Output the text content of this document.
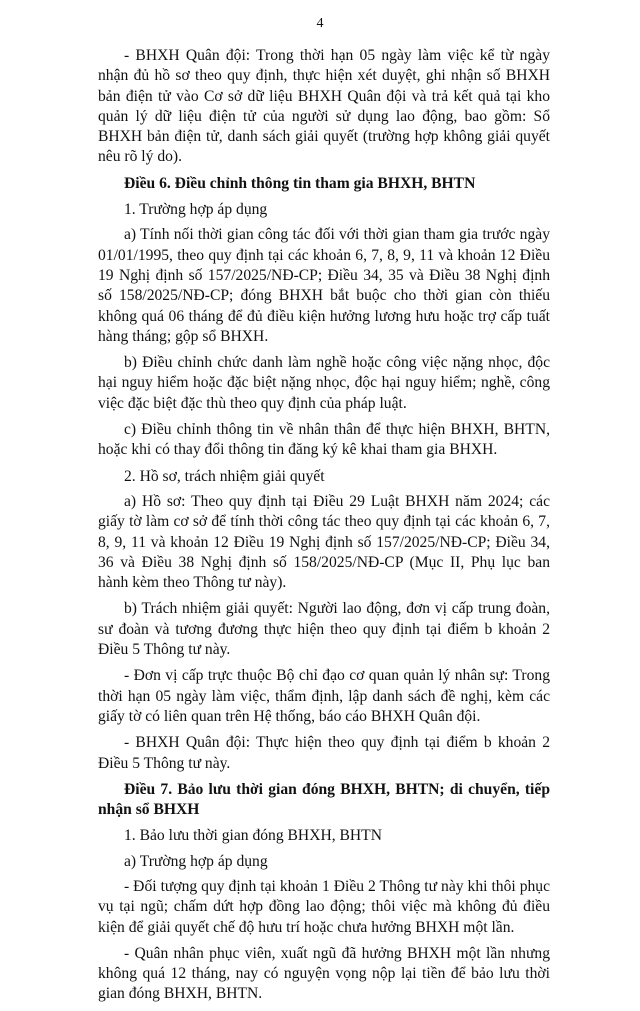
4

- BHXH Quân đội: Trong thời hạn 05 ngày làm việc kể từ ngày nhận đủ hồ sơ theo quy định, thực hiện xét duyệt, ghi nhận số BHXH bản điện tử vào Cơ sở dữ liệu BHXH Quân đội và trả kết quả tại kho quản lý dữ liệu điện tử của người sử dụng lao động, bao gồm: Sổ BHXH bản điện tử, danh sách giải quyết (trường hợp không giải quyết nêu rõ lý do).

Điều 6. Điều chỉnh thông tin tham gia BHXH, BHTN

1. Trường hợp áp dụng

a) Tính nối thời gian công tác đối với thời gian tham gia trước ngày 01/01/1995, theo quy định tại các khoản 6, 7, 8, 9, 11 và khoản 12 Điều 19 Nghị định số 157/2025/NĐ-CP; Điều 34, 35 và Điều 38 Nghị định số 158/2025/NĐ-CP; đóng BHXH bắt buộc cho thời gian còn thiếu không quá 06 tháng để đủ điều kiện hưởng lương hưu hoặc trợ cấp tuất hàng tháng; gộp sổ BHXH.

b) Điều chỉnh chức danh làm nghề hoặc công việc nặng nhọc, độc hại nguy hiểm hoặc đặc biệt nặng nhọc, độc hại nguy hiểm; nghề, công việc đặc biệt đặc thù theo quy định của pháp luật.

c) Điều chỉnh thông tin về nhân thân để thực hiện BHXH, BHTN, hoặc khi có thay đổi thông tin đăng ký kê khai tham gia BHXH.

2. Hồ sơ, trách nhiệm giải quyết

a) Hồ sơ: Theo quy định tại Điều 29 Luật BHXH năm 2024; các giấy tờ làm cơ sở để tính thời công tác theo quy định tại các khoản 6, 7, 8, 9, 11 và khoản 12 Điều 19 Nghị định số 157/2025/NĐ-CP; Điều 34, 36 và Điều 38 Nghị định số 158/2025/NĐ-CP (Mục II, Phụ lục ban hành kèm theo Thông tư này).

b) Trách nhiệm giải quyết: Người lao động, đơn vị cấp trung đoàn, sư đoàn và tương đương thực hiện theo quy định tại điểm b khoản 2 Điều 5 Thông tư này.

- Đơn vị cấp trực thuộc Bộ chỉ đạo cơ quan quản lý nhân sự: Trong thời hạn 05 ngày làm việc, thẩm định, lập danh sách đề nghị, kèm các giấy tờ có liên quan trên Hệ thống, báo cáo BHXH Quân đội.

- BHXH Quân đội: Thực hiện theo quy định tại điểm b khoản 2 Điều 5 Thông tư này.

Điều 7. Bảo lưu thời gian đóng BHXH, BHTN; di chuyển, tiếp nhận sổ BHXH

1. Bảo lưu thời gian đóng BHXH, BHTN

a) Trường hợp áp dụng

- Đối tượng quy định tại khoản 1 Điều 2 Thông tư này khi thôi phục vụ tại ngũ; chấm dứt hợp đồng lao động; thôi việc mà không đủ điều kiện để giải quyết chế độ hưu trí hoặc chưa hưởng BHXH một lần.

- Quân nhân phục viên, xuất ngũ đã hưởng BHXH một lần nhưng không quá 12 tháng, nay có nguyện vọng nộp lại tiền để bảo lưu thời gian đóng BHXH, BHTN.
